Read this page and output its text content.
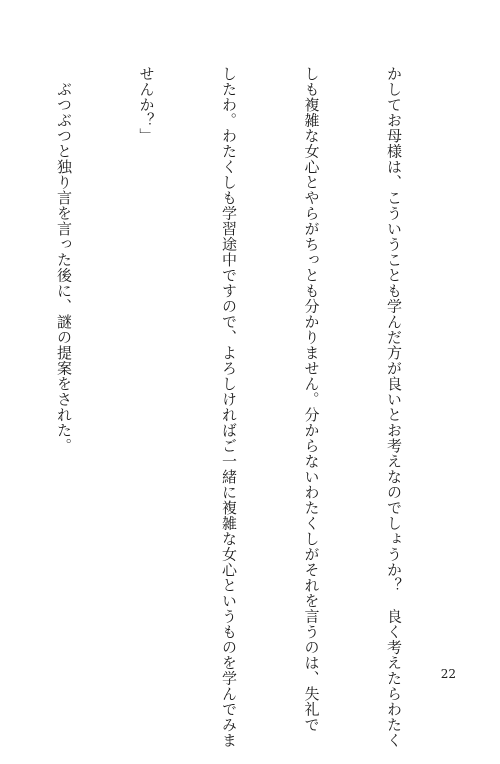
かしてお母様は、こういうことも学んだ方が良いとお考えなのでしょうか？　良く考えたらわたく

しも複雑な女心とやらがちっとも分かりません。分からないわたくしがそれを言うのは、失礼で

したわ。わたくしも学習途中ですので、よろしければご一緒に複雑な女心というものを学んでみま

せんか？」

　ぶつぶつと独り言を言った後に、謎の提案をされた。

22
